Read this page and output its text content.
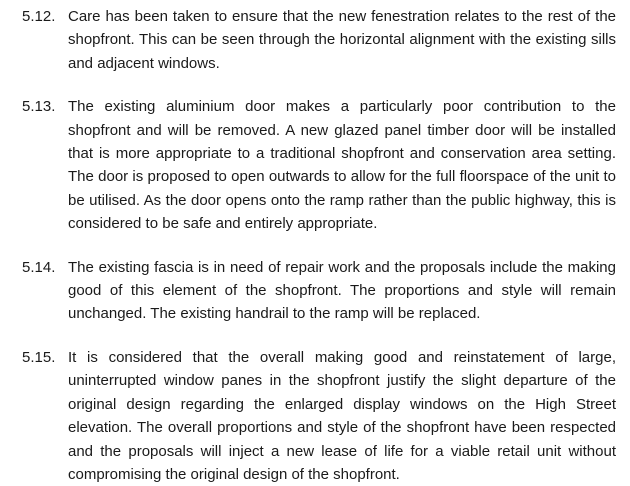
5.12. Care has been taken to ensure that the new fenestration relates to the rest of the shopfront. This can be seen through the horizontal alignment with the existing sills and adjacent windows.
5.13. The existing aluminium door makes a particularly poor contribution to the shopfront and will be removed. A new glazed panel timber door will be installed that is more appropriate to a traditional shopfront and conservation area setting. The door is proposed to open outwards to allow for the full floorspace of the unit to be utilised. As the door opens onto the ramp rather than the public highway, this is considered to be safe and entirely appropriate.
5.14. The existing fascia is in need of repair work and the proposals include the making good of this element of the shopfront. The proportions and style will remain unchanged. The existing handrail to the ramp will be replaced.
5.15. It is considered that the overall making good and reinstatement of large, uninterrupted window panes in the shopfront justify the slight departure of the original design regarding the enlarged display windows on the High Street elevation. The overall proportions and style of the shopfront have been respected and the proposals will inject a new lease of life for a viable retail unit without compromising the original design of the shopfront.
